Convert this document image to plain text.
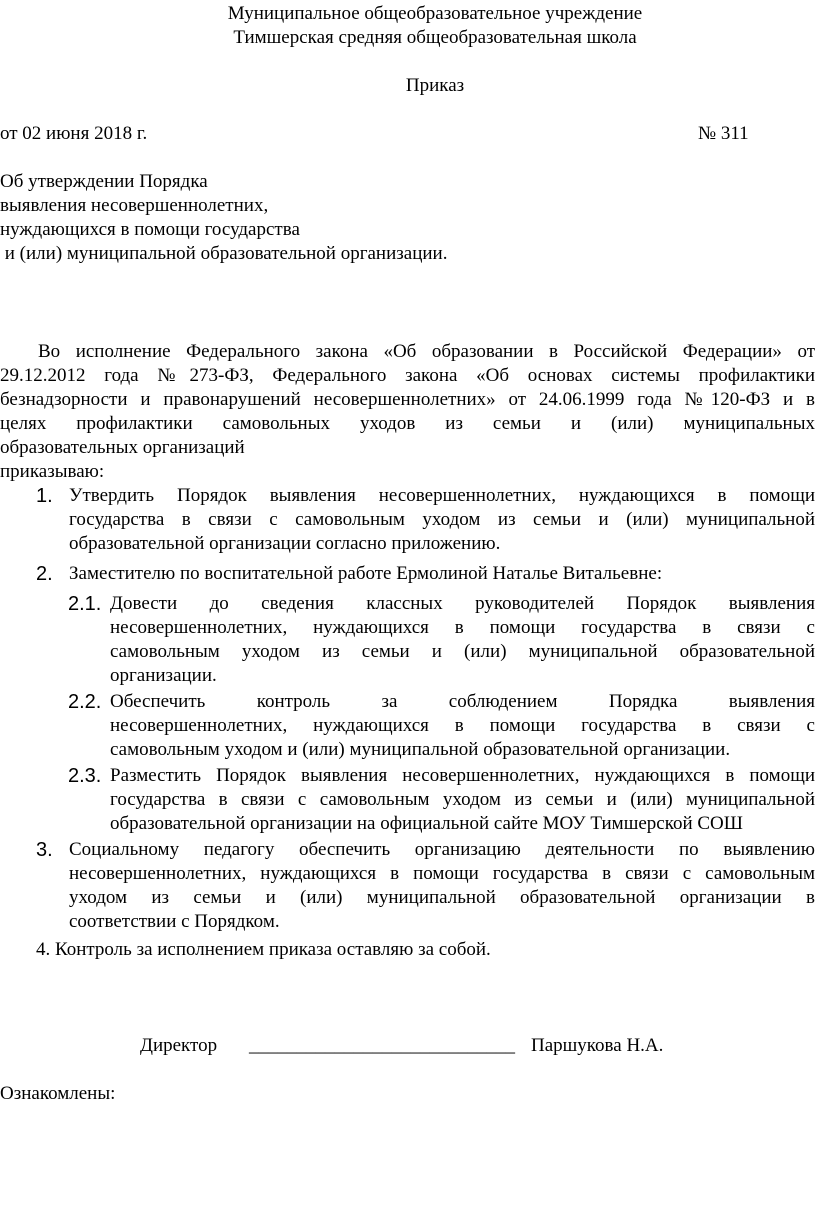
Муниципальное общеобразовательное учреждение
Тимшерская средняя общеобразовательная школа
Приказ
от 02 июня 2018 г.	№ 311
Об утверждении Порядка
выявления несовершеннолетних,
нуждающихся в помощи государства
и (или) муниципальной образовательной организации.
Во исполнение Федерального закона «Об образовании в Российской Федерации» от
29.12.2012 года №273-ФЗ, Федерального закона «Об основах системы профилактики
безнадзорности и правонарушений несовершеннолетних» от 24.06.1999 года №120-ФЗ и в
целях профилактики самовольных уходов из семьи и (или) муниципальных
образовательных организаций
приказываю:
1. Утвердить Порядок выявления несовершеннолетних, нуждающихся в помощи
государства в связи с самовольным уходом из семьи и (или) муниципальной
образовательной организации согласно приложению.
2. Заместителю по воспитательной работе Ермолиной Наталье Витальевне:
2.1. Довести до сведения классных руководителей Порядок выявления
несовершеннолетних, нуждающихся в помощи государства в связи с
самовольным уходом из семьи и (или) муниципальной образовательной
организации.
2.2. Обеспечить контроль за соблюдением Порядка выявления
несовершеннолетних, нуждающихся в помощи государства в связи с
самовольным уходом и (или) муниципальной образовательной организации.
2.3. Разместить Порядок выявления несовершеннолетних, нуждающихся в помощи
государства в связи с самовольным уходом из семьи и (или) муниципальной
образовательной организации на официальной сайте МОУ Тимшерской СОШ
3. Социальному педагогу обеспечить организацию деятельности по выявлению
несовершеннолетних, нуждающихся в помощи государства в связи с самовольным
уходом из семьи и (или) муниципальной образовательной организации в
соответствии с Порядком.
4. Контроль за исполнением приказа оставляю за собой.
Директор ____________________________ Паршукова Н.А.
Ознакомлены:
